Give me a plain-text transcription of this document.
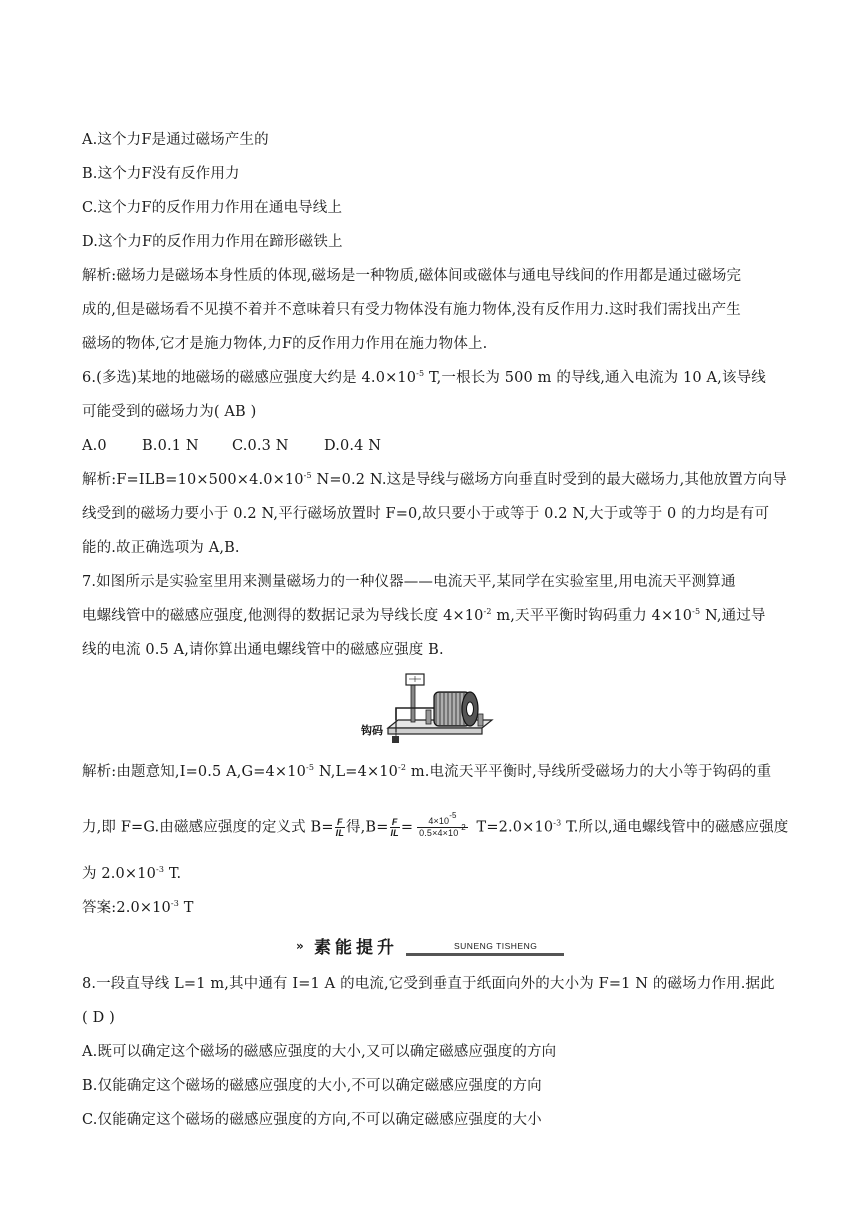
A.这个力F是通过磁场产生的
B.这个力F没有反作用力
C.这个力F的反作用力作用在通电导线上
D.这个力F的反作用力作用在蹄形磁铁上
解析:磁场力是磁场本身性质的体现,磁场是一种物质,磁体间或磁体与通电导线间的作用都是通过磁场完
成的,但是磁场看不见摸不着并不意味着只有受力物体没有施力物体,没有反作用力.这时我们需找出产生
磁场的物体,它才是施力物体,力F的反作用力作用在施力物体上.
6.(多选)某地的地磁场的磁感应强度大约是 $4.0\times 10^{-5}$ T,一根长为 500 m 的导线,通入电流为 10 A,该导线
可能受到的磁场力为( AB )
A.0 B.0.1 N C.0.3 N D.0.4 N
解析$:F=ILB=10\times 500\times 4.0\times 10^{-5}$ N=0.2 N.这是导线与磁场方向垂直时受到的最大磁场力,其他放置方向导
线受到的磁场力要小于 0.2 N,平行磁场放置时 F=0,故只要小于或等于 0.2 N,大于或等于 0 的力均是有可
能的.故正确选项为 A,B.
7.如图所示是实验室里用来测量磁场力的一种仪器——电流天平,某同学在实验室里,用电流天平测算通
电螺线管中的磁感应强度,他测得的数据记录为导线长度 $4\times 10^{-2}$ m,天平平衡时钩码重力 $4\times 10^{-5}$ N,通过导
线的电流 0.5 A,请你算出通电螺线管中的磁感应强度 B.
钩码
解析:由题意知,I=0.5 $A,G=4\times 10^{-5}$ $N,L=4\times 10^{-2}$ m.电流天平平衡时,导线所受磁场力的大小等于钩码的重
力,即 F=G.由磁感应强度的定义式 $B= \frac{F}{IL}$ 得$,B= \frac{F}{IL} = \frac{4\times 10^{-5}}{0.5\times 4\times 10^{-2}} T=2.0\times 10^{-3}$ T.所以,通电螺线管中的磁感应强度
为 $2.0\times 10^{-3}$ T.
答案$:2.0\times 10^{-3}$ T
» 素能提升	SUNENG TISHENG
8.一段直导线 L=1 m,其中通有 I=1 A 的电流,它受到垂直于纸面向外的大小为 F=1 N 的磁场力作用.据此
( D )
A.既可以确定这个磁场的磁感应强度的大小,又可以确定磁感应强度的方向
B.仅能确定这个磁场的磁感应强度的大小,不可以确定磁感应强度的方向
C.仅能确定这个磁场的磁感应强度的方向,不可以确定磁感应强度的大小
